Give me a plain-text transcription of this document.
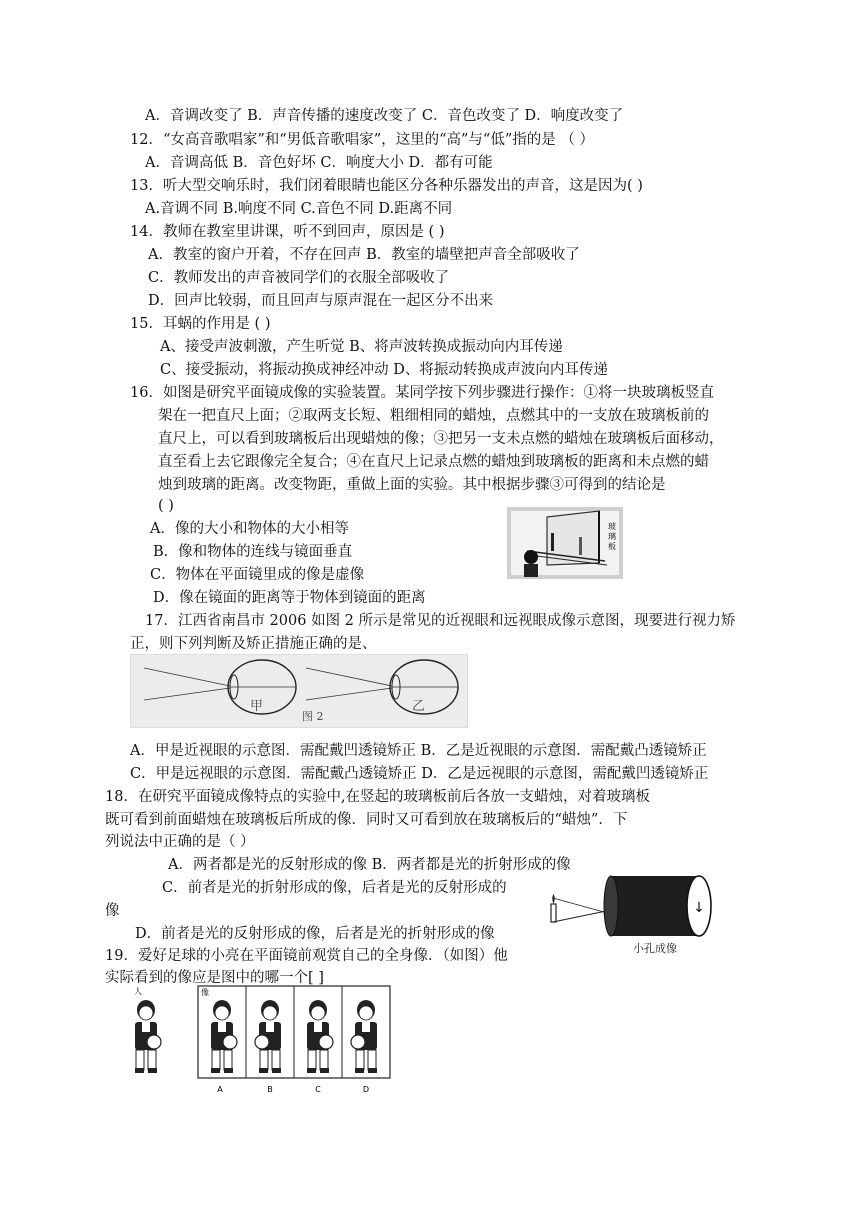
A．音调改变了 B．声音传播的速度改变了 C．音色改变了 D．响度改变了
12．“女高音歌唱家”和“男低音歌唱家”，这里的“高”与“低”指的是 （ ）
A．音调高低 B．音色好坏 C．响度大小 D．都有可能
13．听大型交响乐时，我们闭着眼睛也能区分各种乐器发出的声音，这是因为( )
A.音调不同 B.响度不同 C.音色不同 D.距离不同
14．教师在教室里讲课，听不到回声，原因是 ( )
A．教室的窗户开着，不存在回声 B．教室的墙壁把声音全部吸收了
C．教师发出的声音被同学们的衣服全部吸收了
D．回声比较弱，而且回声与原声混在一起区分不出来
15．耳蜗的作用是 ( )
A、接受声波刺激，产生听觉 B、将声波转换成振动向内耳传递
C、接受振动，将振动换成神经冲动 D、将振动转换成声波向内耳传递
16．如图是研究平面镜成像的实验装置。某同学按下列步骤进行操作：①将一块玻璃板竖直
架在一把直尺上面；②取两支长短、粗细相同的蜡烛，点燃其中的一支放在玻璃板前的
直尺上，可以看到玻璃板后出现蜡烛的像；③把另一支未点燃的蜡烛在玻璃板后面移动，
直至看上去它跟像完全复合；④在直尺上记录点燃的蜡烛到玻璃板的距离和未点燃的蜡
烛到玻璃的距离。改变物距，重做上面的实验。其中根据步骤③可得到的结论是
( )
A．像的大小和物体的大小相等
B．像和物体的连线与镜面垂直
C．物体在平面镜里成的像是虚像
D．像在镜面的距离等于物体到镜面的距离
17．江西省南昌市 2006 如图 2 所示是常见的近视眼和远视眼成像示意图，现要进行视力矫
正，则下列判断及矫正措施正确的是、
A．甲是近视眼的示意图．需配戴凹透镜矫正 B．乙是近视眼的示意图．需配戴凸透镜矫正
C．甲是远视眼的示意图．需配戴凸透镜矫正 D．乙是远视眼的示意图，需配戴凹透镜矫正
18．在研究平面镜成像特点的实验中,在竖起的玻璃板前后各放一支蜡烛，对着玻璃板
既可看到前面蜡烛在玻璃板后所成的像．同时又可看到放在玻璃板后的“蜡烛”．下
列说法中正确的是（ ）
A．两者都是光的反射形成的像 B．两者都是光的折射形成的像
C．前者是光的折射形成的像，后者是光的反射形成的
像
D．前者是光的反射形成的像，后者是光的折射形成的像
19．爱好足球的小亮在平面镜前观赏自己的全身像．（如图）他
实际看到的像应是图中的哪一个[ ]
玻璃板
甲
图 2
乙
↓
小孔成像
人	像
A	B	C	D
